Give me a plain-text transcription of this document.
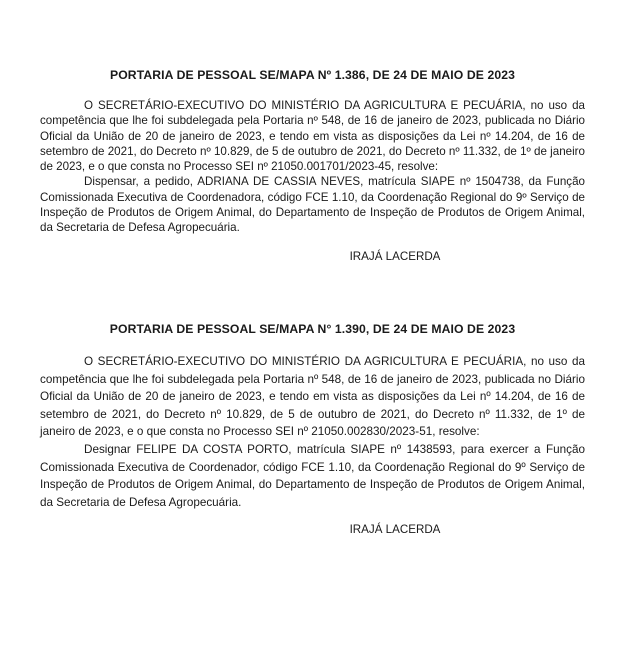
PORTARIA DE PESSOAL SE/MAPA Nº 1.386, DE 24 DE MAIO DE 2023

O SECRETÁRIO-EXECUTIVO DO MINISTÉRIO DA AGRICULTURA E PECUÁRIA, no uso da competência que lhe foi subdelegada pela Portaria nº 548, de 16 de janeiro de 2023, publicada no Diário Oficial da União de 20 de janeiro de 2023, e tendo em vista as disposições da Lei nº 14.204, de 16 de setembro de 2021, do Decreto nº 10.829, de 5 de outubro de 2021, do Decreto nº 11.332, de 1º de janeiro de 2023, e o que consta no Processo SEI nº 21050.001701/2023-45, resolve:

Dispensar, a pedido, ADRIANA DE CASSIA NEVES, matrícula SIAPE nº 1504738, da Função Comissionada Executiva de Coordenadora, código FCE 1.10, da Coordenação Regional do 9º Serviço de Inspeção de Produtos de Origem Animal, do Departamento de Inspeção de Produtos de Origem Animal, da Secretaria de Defesa Agropecuária.

IRAJÁ LACERDA

PORTARIA DE PESSOAL SE/MAPA N° 1.390, DE 24 DE MAIO DE 2023

O SECRETÁRIO-EXECUTIVO DO MINISTÉRIO DA AGRICULTURA E PECUÁRIA, no uso da competência que lhe foi subdelegada pela Portaria nº 548, de 16 de janeiro de 2023, publicada no Diário Oficial da União de 20 de janeiro de 2023, e tendo em vista as disposições da Lei nº 14.204, de 16 de setembro de 2021, do Decreto nº 10.829, de 5 de outubro de 2021, do Decreto nº 11.332, de 1º de janeiro de 2023, e o que consta no Processo SEI nº 21050.002830/2023-51, resolve:

Designar FELIPE DA COSTA PORTO, matrícula SIAPE nº 1438593, para exercer a Função Comissionada Executiva de Coordenador, código FCE 1.10, da Coordenação Regional do 9º Serviço de Inspeção de Produtos de Origem Animal, do Departamento de Inspeção de Produtos de Origem Animal, da Secretaria de Defesa Agropecuária.

IRAJÁ LACERDA
